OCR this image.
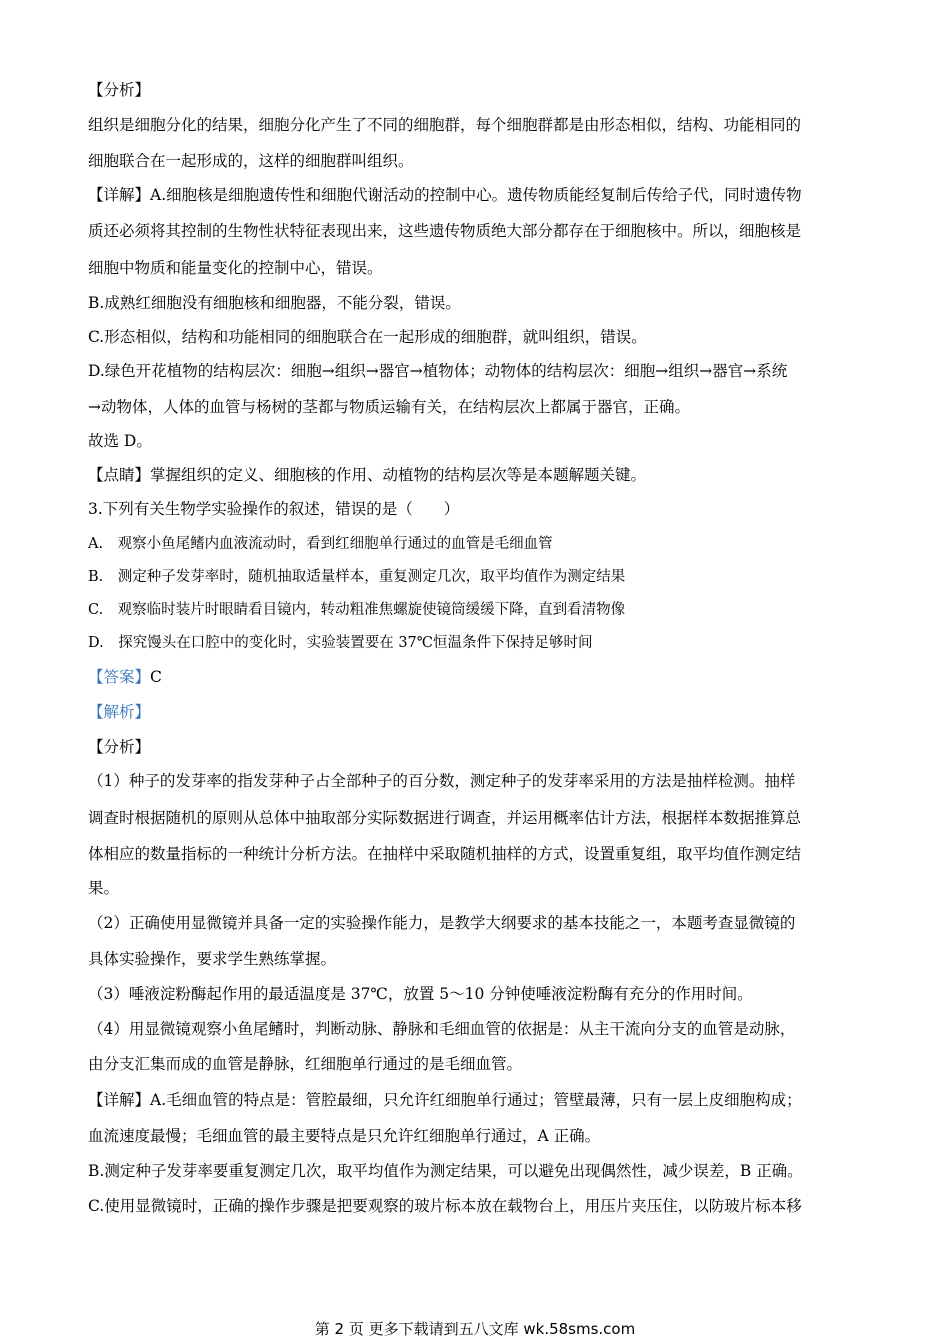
【分析】
组织是细胞分化的结果，细胞分化产生了不同的细胞群，每个细胞群都是由形态相似，结构、功能相同的
细胞联合在一起形成的，这样的细胞群叫组织。
【详解】A.细胞核是细胞遗传性和细胞代谢活动的控制中心。遗传物质能经复制后传给子代，同时遗传物
质还必须将其控制的生物性状特征表现出来，这些遗传物质绝大部分都存在于细胞核中。所以，细胞核是
细胞中物质和能量变化的控制中心，错误。
B.成熟红细胞没有细胞核和细胞器，不能分裂，错误。
C.形态相似，结构和功能相同的细胞联合在一起形成的细胞群，就叫组织，错误。
D.绿色开花植物的结构层次：细胞→组织→器官→植物体；动物体的结构层次：细胞→组织→器官→系统
→动物体，人体的血管与杨树的茎都与物质运输有关，在结构层次上都属于器官，正确。
故选 D。
【点睛】掌握组织的定义、细胞核的作用、动植物的结构层次等是本题解题关键。
3.下列有关生物学实验操作的叙述，错误的是（　　）
A.　观察小鱼尾鳍内血液流动时，看到红细胞单行通过的血管是毛细血管
B.　测定种子发芽率时，随机抽取适量样本，重复测定几次，取平均值作为测定结果
C.　观察临时装片时眼睛看目镜内，转动粗准焦螺旋使镜筒缓缓下降，直到看清物像
D.　探究馒头在口腔中的变化时，实验装置要在 37℃恒温条件下保持足够时间
【答案】C
【解析】
【分析】
（1）种子的发芽率的指发芽种子占全部种子的百分数，测定种子的发芽率采用的方法是抽样检测。抽样
调查时根据随机的原则从总体中抽取部分实际数据进行调查，并运用概率估计方法，根据样本数据推算总
体相应的数量指标的一种统计分析方法。在抽样中采取随机抽样的方式，设置重复组，取平均值作测定结
果。
（2）正确使用显微镜并具备一定的实验操作能力，是教学大纲要求的基本技能之一，本题考查显微镜的
具体实验操作，要求学生熟练掌握。
（3）唾液淀粉酶起作用的最适温度是 37℃，放置 5～10 分钟使唾液淀粉酶有充分的作用时间。
（4）用显微镜观察小鱼尾鳍时，判断动脉、静脉和毛细血管的依据是：从主干流向分支的血管是动脉，
由分支汇集而成的血管是静脉，红细胞单行通过的是毛细血管。
【详解】A.毛细血管的特点是：管腔最细，只允许红细胞单行通过；管壁最薄，只有一层上皮细胞构成；
血流速度最慢；毛细血管的最主要特点是只允许红细胞单行通过，A 正确。
B.测定种子发芽率要重复测定几次，取平均值作为测定结果，可以避免出现偶然性，减少误差，B 正确。
C.使用显微镜时，正确的操作步骤是把要观察的玻片标本放在载物台上，用压片夹压住，以防玻片标本移
第 2 页 更多下载请到五八文库 wk.58sms.com
